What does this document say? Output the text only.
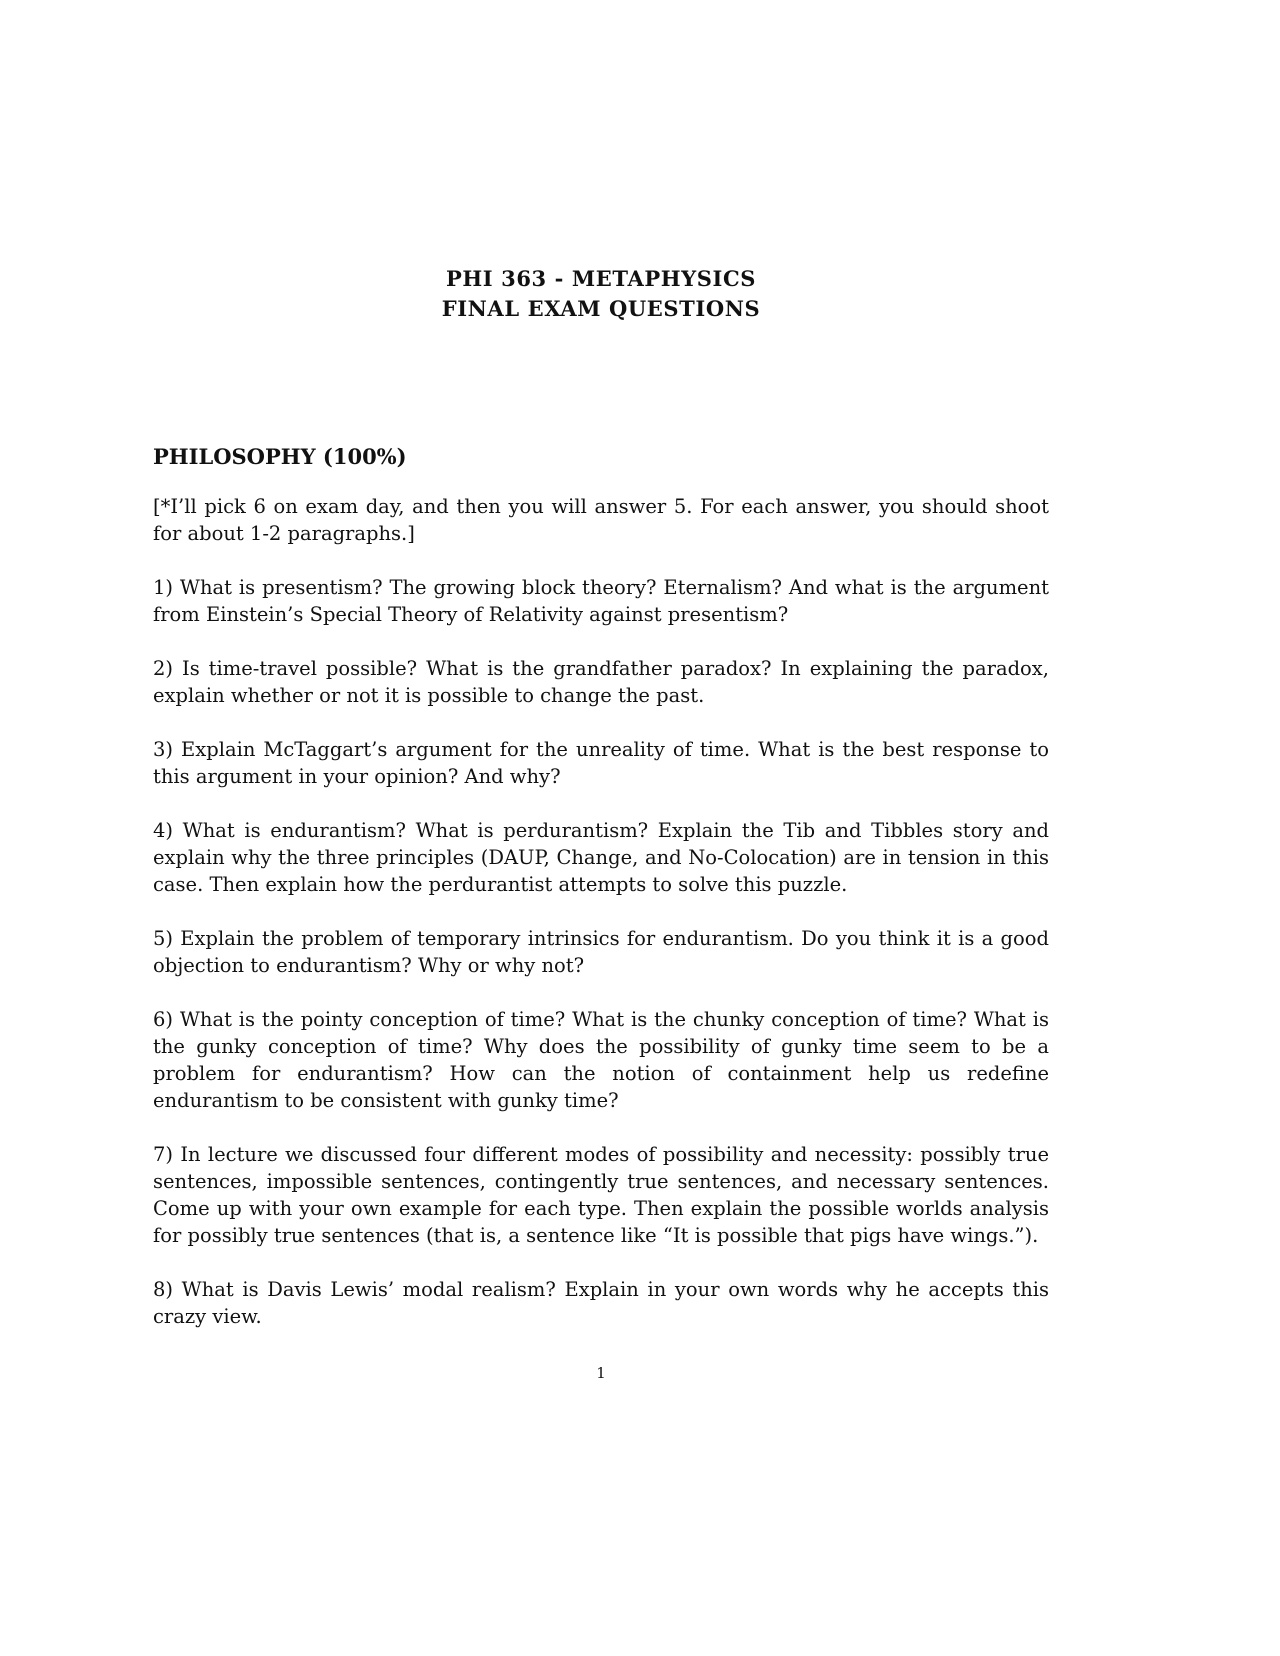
PHI 363 - METAPHYSICS
FINAL EXAM QUESTIONS
PHILOSOPHY (100%)

[*I’ll pick 6 on exam day, and then you will answer 5. For each answer, you should shoot for about 1-2 paragraphs.]

1) What is presentism? The growing block theory? Eternalism? And what is the argument from Einstein’s Special Theory of Relativity against presentism?

2) Is time-travel possible? What is the grandfather paradox? In explaining the paradox, explain whether or not it is possible to change the past.

3) Explain McTaggart’s argument for the unreality of time. What is the best response to this argument in your opinion? And why?

4) What is endurantism? What is perdurantism? Explain the Tib and Tibbles story and explain why the three principles (DAUP, Change, and No-Colocation) are in tension in this case. Then explain how the perdurantist attempts to solve this puzzle.

5) Explain the problem of temporary intrinsics for endurantism. Do you think it is a good objection to endurantism? Why or why not?

6) What is the pointy conception of time? What is the chunky conception of time? What is the gunky conception of time? Why does the possibility of gunky time seem to be a problem for endurantism? How can the notion of containment help us redefine endurantism to be consistent with gunky time?

7) In lecture we discussed four different modes of possibility and necessity: possibly true sentences, impossible sentences, contingently true sentences, and necessary sentences. Come up with your own example for each type. Then explain the possible worlds analysis for possibly true sentences (that is, a sentence like “It is possible that pigs have wings.”).

8) What is Davis Lewis’ modal realism? Explain in your own words why he accepts this crazy view.

1
